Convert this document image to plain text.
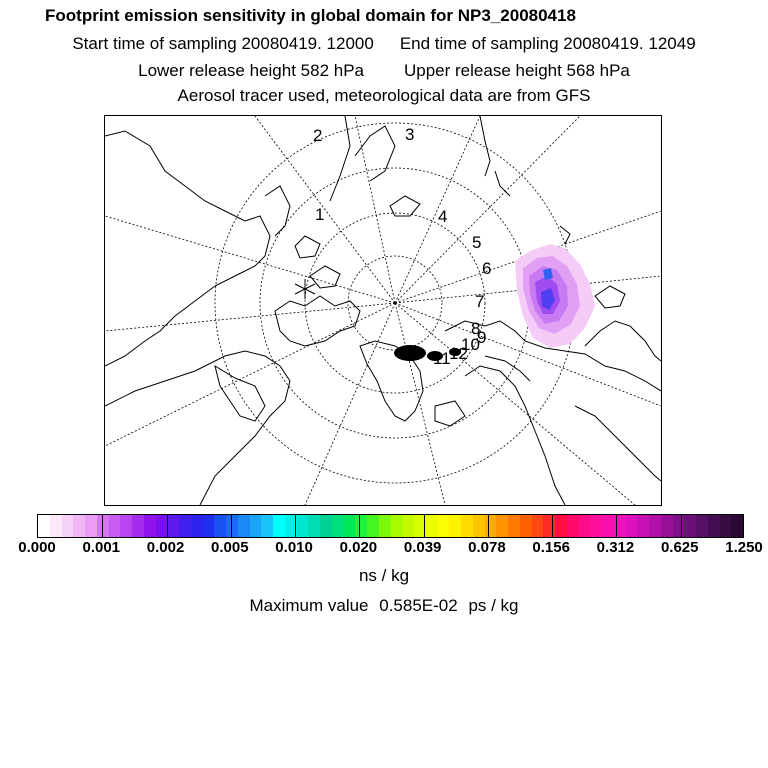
Footprint emission sensitivity in global domain for NP3_20080418
Start time of sampling 20080419. 12000 End time of sampling 20080419. 12049
Lower release height 582 hPa Upper release height 568 hPa
Aerosol tracer used, meteorological data are from GFS
1
2	3
4
5
6
7
8
9
10
11
12
0.000 0.001 0.002 0.005 0.010 0.020 0.039 0.078 0.156 0.312 0.625 1.250
ns / kg
Maximum value 0.585E-02 ps / kg
